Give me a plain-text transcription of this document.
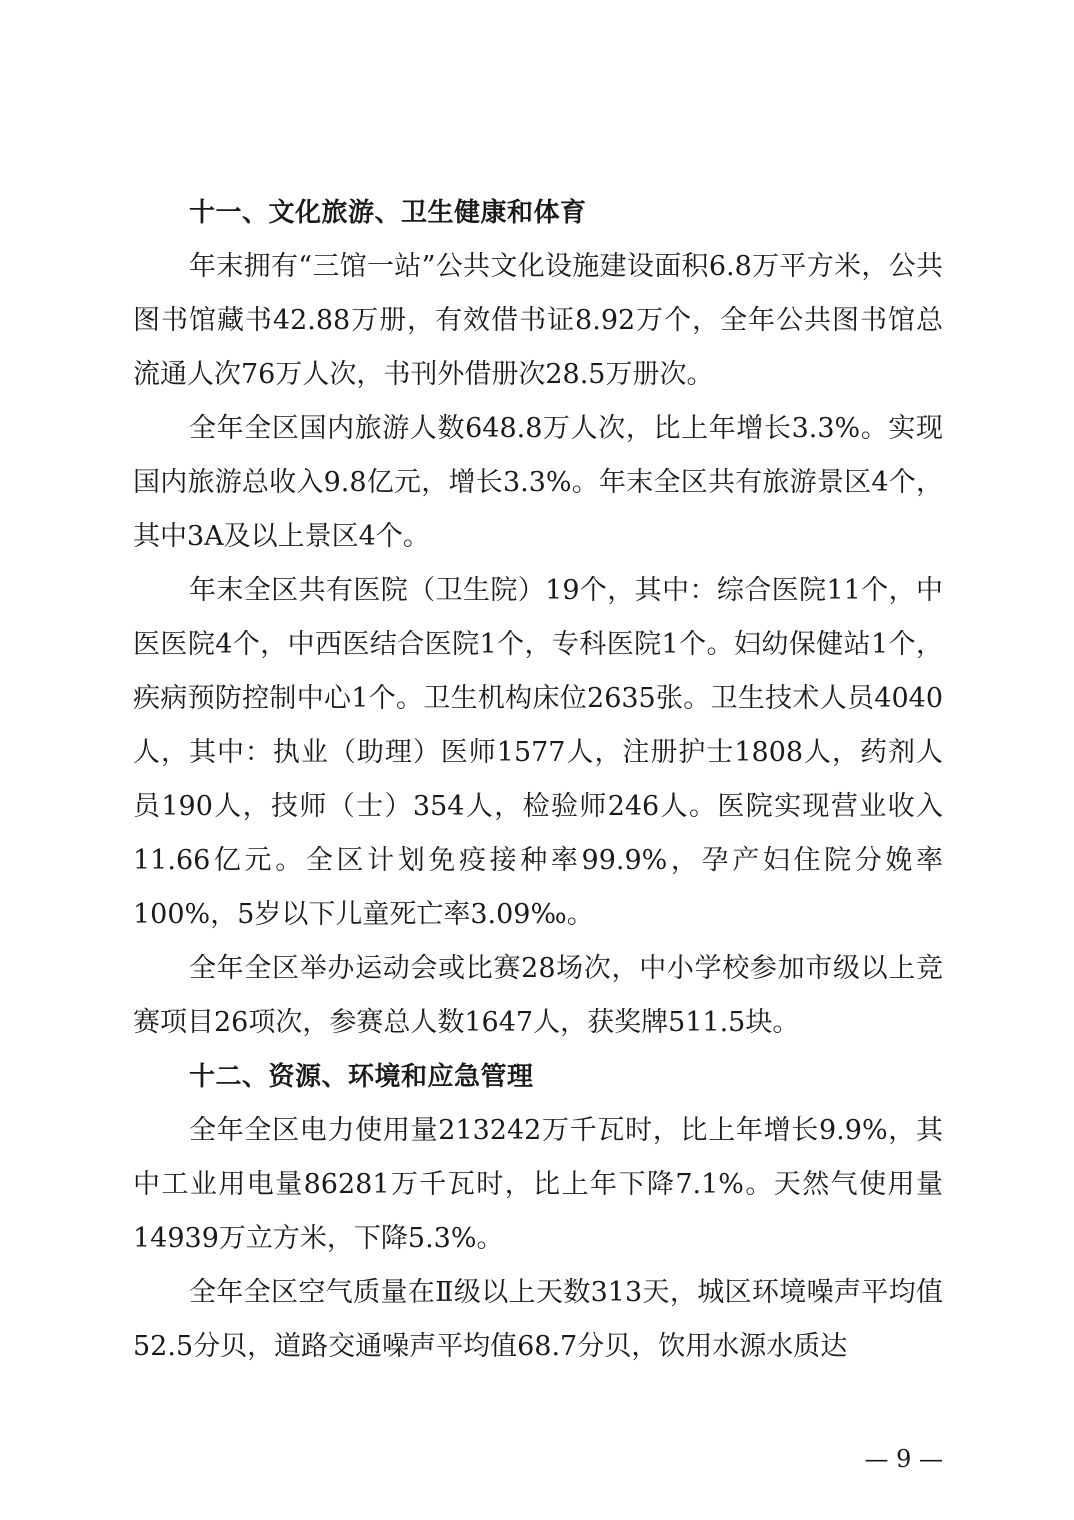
十一、文化旅游、卫生健康和体育

年末拥有“三馆一站”公共文化设施建设面积6.8万平方米，公共图书馆藏书42.88万册，有效借书证8.92万个，全年公共图书馆总流通人次76万人次，书刊外借册次28.5万册次。

全年全区国内旅游人数648.8万人次，比上年增长3.3%。实现国内旅游总收入9.8亿元，增长3.3%。年末全区共有旅游景区4个，其中3A及以上景区4个。

年末全区共有医院（卫生院）19个，其中：综合医院11个，中医医院4个，中西医结合医院1个，专科医院1个。妇幼保健站1个，疾病预防控制中心1个。卫生机构床位2635张。卫生技术人员4040人，其中：执业（助理）医师1577人，注册护士1808人，药剂人员190人，技师（士）354人，检验师246人。医院实现营业收入11.66亿元。全区计划免疫接种率99.9%，孕产妇住院分娩率100%，5岁以下儿童死亡率3.09‰。

全年全区举办运动会或比赛28场次，中小学校参加市级以上竞赛项目26项次，参赛总人数1647人，获奖牌511.5块。

十二、资源、环境和应急管理

全年全区电力使用量213242万千瓦时，比上年增长9.9%，其中工业用电量86281万千瓦时，比上年下降7.1%。天然气使用量14939万立方米，下降5.3%。

全年全区空气质量在Ⅱ级以上天数313天，城区环境噪声平均值52.5分贝，道路交通噪声平均值68.7分贝，饮用水源水质达

— 9 —
